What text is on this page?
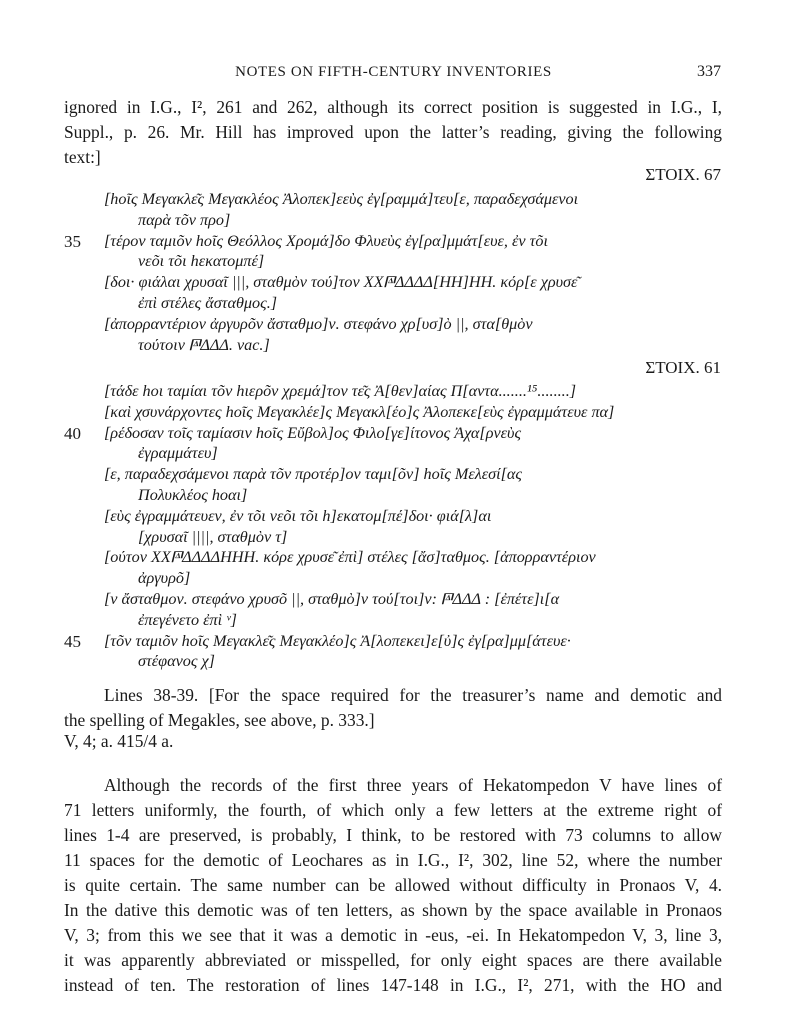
NOTES ON FIFTH-CENTURY INVENTORIES	337
ignored in I.G., I², 261 and 262, although its correct position is suggested in I.G., I,
Suppl., p. 26. Mr. Hill has improved upon the latter’s reading, giving the following
text:]
ΣΤΟΙΧ. 67
[hοῖς Μεγακλε͂ς Μεγακλέος Ἀλοπεκ]εεὺς ἐγ[ραμμά]τευ[ε, παραδεχσάμενοι
παρὰ τõν προ]
35 [τέρον ταμιõν hοῖς Θεόλλος Χρομά]δο Φλυεὺς ἐγ[ρα]μμάτ[ευε, ἐν τõι
νεõι τõι hεκατομπέ]
[δοι· φιάλαι χρυσαῖ |||, σταθμὸν τού]τον ΧΧ𐅄ΔΔΔΔ[ΗΗ]ΗΗ. κόρ[ε χρυσε͂
ἐπὶ στέλες ἄσταθμος.]
[ἀπορραντέριον ἀργυρõν ἄσταθμο]ν. στεφάνο χρ[υσ]ὸ ||, στα[θμὸν
τούτοιν 𐅄ΔΔΔ. vac.]
ΣΤΟΙΧ. 61
[τάδε hοι ταμίαι τõν hιερõν χρεμά]τον τε͂ς Ἀ[θεν]αίας Π[αντα.......¹⁵........]
[καὶ χσυνάρχοντες hοῖς Μεγακλέε]ς Μεγακλ[έο]ς Ἀλοπεκε[εὺς ἐγραμμάτευε πα]
40 [ρέδοσαν τοῖς ταμίασιν hοῖς Εὔβολ]ος Φιλο[γε]ίτονος Ἀχα[ρνεὺς
ἐγραμμάτευ]
[ε, παραδεχσάμενοι παρὰ τõν προτέρ]ον ταμι[õν] hοῖς Μελεσί[ας
Πολυκλέος hοαι]
[εὺς ἐγραμμάτευεν, ἐν τõι νεõι τõι h]εκατομ[πέ]δοι· φιά[λ]αι
[χρυσαῖ ||||, σταθμὸν τ]
[ούτον ΧΧ𐅄ΔΔΔΔΗΗΗ. κόρε χρυσε͂ ἐπὶ] στέλες [ἄσ]ταθμος. [ἀπορραντέριον
ἀργυρõ]
[ν ἄσταθμον. στεφάνο χρυσõ ||, σταθμὸ]ν τού[τοι]ν: 𐅄ΔΔΔ : [ἐπέτε]ι[α
ἐπεγένετο ἐπὶ ᵛ]
45 [τõν ταμιõν hοῖς Μεγακλε͂ς Μεγακλέο]ς Ἀ[λοπεκει]ε[ὐ]ς ἐγ[ρα]μμ[άτευε·
στέφανος χ]
Lines 38-39. [For the space required for the treasurer’s name and demotic and
the spelling of Megakles, see above, p. 333.]
V, 4; a. 415/4 a.
Although the records of the first three years of Hekatompedon V have lines of
71 letters uniformly, the fourth, of which only a few letters at the extreme right of
lines 1-4 are preserved, is probably, I think, to be restored with 73 columns to allow
11 spaces for the demotic of Leochares as in I.G., I², 302, line 52, where the number
is quite certain. The same number can be allowed without difficulty in Pronaos V, 4.
In the dative this demotic was of ten letters, as shown by the space available in Pronaos
V, 3; from this we see that it was a demotic in -eus, -ei. In Hekatompedon V, 3, line 3,
it was apparently abbreviated or misspelled, for only eight spaces are there available
instead of ten. The restoration of lines 147-148 in I.G., I², 271, with the ΗΟ and
